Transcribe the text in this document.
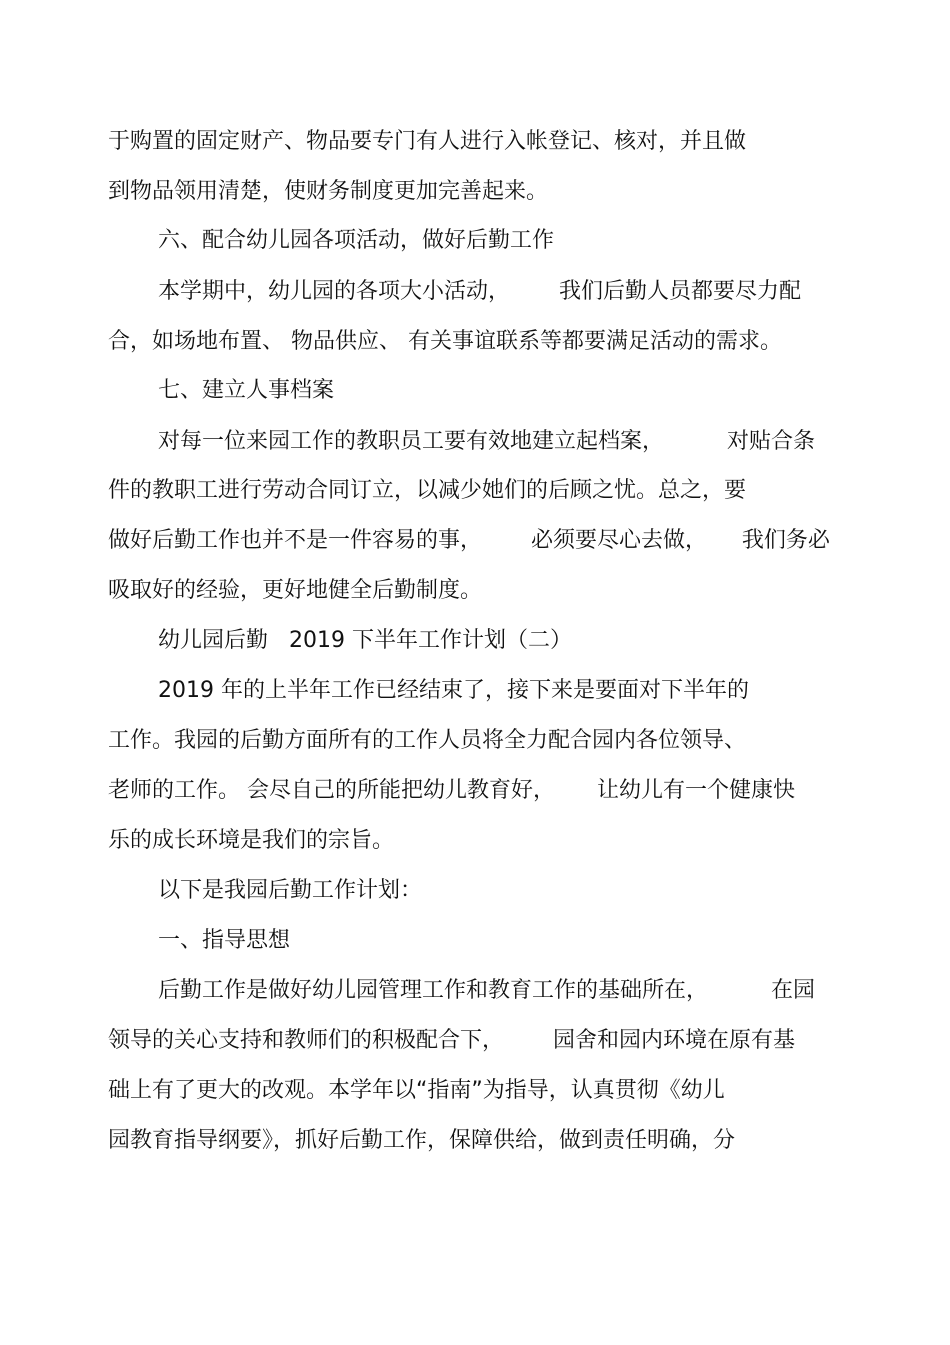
于购置的固定财产、物品要专门有人进行入帐登记、核对，并且做
到物品领用清楚，使财务制度更加完善起来。
六、配合幼儿园各项活动，做好后勤工作
本学期中，幼儿园的各项大小活动，       我们后勤人员都要尽力配
合，如场地布置、 物品供应、 有关事谊联系等都要满足活动的需求。
七、建立人事档案
对每一位来园工作的教职员工要有效地建立起档案，         对贴合条
件的教职工进行劳动合同订立，以减少她们的后顾之忧。总之，要
做好后勤工作也并不是一件容易的事，       必须要尽心去做，     我们务必
吸取好的经验，更好地健全后勤制度。
幼儿园后勤   2019 下半年工作计划（二）
2019 年的上半年工作已经结束了，接下来是要面对下半年的
工作。我园的后勤方面所有的工作人员将全力配合园内各位领导、
老师的工作。 会尽自己的所能把幼儿教育好，      让幼儿有一个健康快
乐的成长环境是我们的宗旨。
以下是我园后勤工作计划：
一、指导思想
后勤工作是做好幼儿园管理工作和教育工作的基础所在，         在园
领导的关心支持和教师们的积极配合下，       园舍和园内环境在原有基
础上有了更大的改观。本学年以“指南”为指导，认真贯彻《幼儿
园教育指导纲要》，抓好后勤工作，保障供给，做到责任明确，分
